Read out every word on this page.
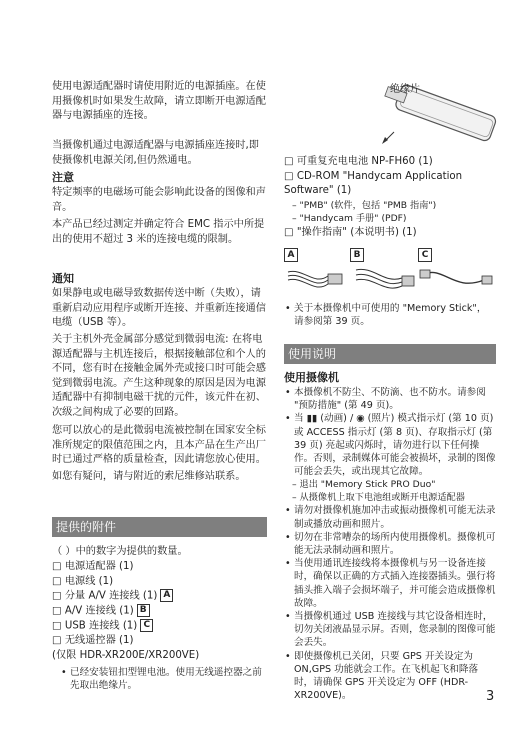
使用电源适配器时请使用附近的电源插座。在使用摄像机时如果发生故障，请立即断开电源适配器与电源插座的连接。

当摄像机通过电源适配器与电源插座连接时,即使摄像机电源关闭,但仍然通电。

注意

特定频率的电磁场可能会影响此设备的图像和声音。

本产品已经过测定并确定符合 EMC 指示中所提出的使用不超过 3 米的连接电缆的限制。

通知

如果静电或电磁导致数据传送中断（失败），请重新启动应用程序或断开连接、并重新连接通信电缆（USB 等）。

关于主机外壳金属部分感觉到微弱电流: 在将电源适配器与主机连接后，根据接触部位和个人的不同，您有时在接触金属外壳或接口时可能会感觉到微弱电流。产生这种现象的原因是因为电源适配器中有抑制电磁干扰的元件，该元件在初、次级之间构成了必要的回路。

您可以放心的是此微弱电流被控制在国家安全标准所规定的限值范围之内，且本产品在生产出厂时已通过严格的质量检查，因此请您放心使用。

如您有疑问，请与附近的索尼维修站联系。

提供的附件

（ ）中的数字为提供的数量。

□ 电源适配器 (1)
□ 电源线 (1)
□ 分量 A/V 连接线 (1) A
□ A/V 连接线 (1) B
□ USB 连接线 (1) C
□ 无线遥控器 (1)
(仅限 HDR-XR200E/XR200VE)

• 已经安装钮扣型锂电池。使用无线遥控器之前先取出绝缘片。

绝缘片

□ 可重复充电电池 NP-FH60 (1)
□ CD-ROM "Handycam Application Software" (1)

– "PMB" (软件，包括 "PMB 指南")

– "Handycam 手册" (PDF)

□ "操作指南" (本说明书) (1)

A	B	C

• 关于本摄像机中可使用的 "Memory Stick"，请参阅第 39 页。

使用说明

使用摄像机

• 本摄像机不防尘、不防滴、也不防水。请参阅 "预防措施" (第 49 页)。

• 当 ▮▮ (动画) / ◉ (照片) 模式指示灯 (第 10 页) 或 ACCESS 指示灯 (第 8 页)、存取指示灯 (第 39 页) 亮起或闪烁时，请勿进行以下任何操作。否则，录制媒体可能会被损坏，录制的图像可能会丢失，或出现其它故障。

– 退出 "Memory Stick PRO Duo"

– 从摄像机上取下电池组或断开电源适配器

• 请勿对摄像机施加冲击或振动摄像机可能无法录制或播放动画和照片。

• 切勿在非常嘈杂的场所内使用摄像机。摄像机可能无法录制动画和照片。

• 当使用通讯连接线将本摄像机与另一设备连接时，确保以正确的方式插入连接器插头。强行将插头推入端子会损坏端子，并可能会造成摄像机故障。

• 当摄像机通过 USB 连接线与其它设备相连时，切勿关闭液晶显示屏。否则，您录制的图像可能会丢失。

• 即使摄像机已关闭，只要 GPS 开关设定为 ON,GPS 功能就会工作。在飞机起飞和降落时，请确保 GPS 开关设定为 OFF (HDR-XR200VE)。	3
